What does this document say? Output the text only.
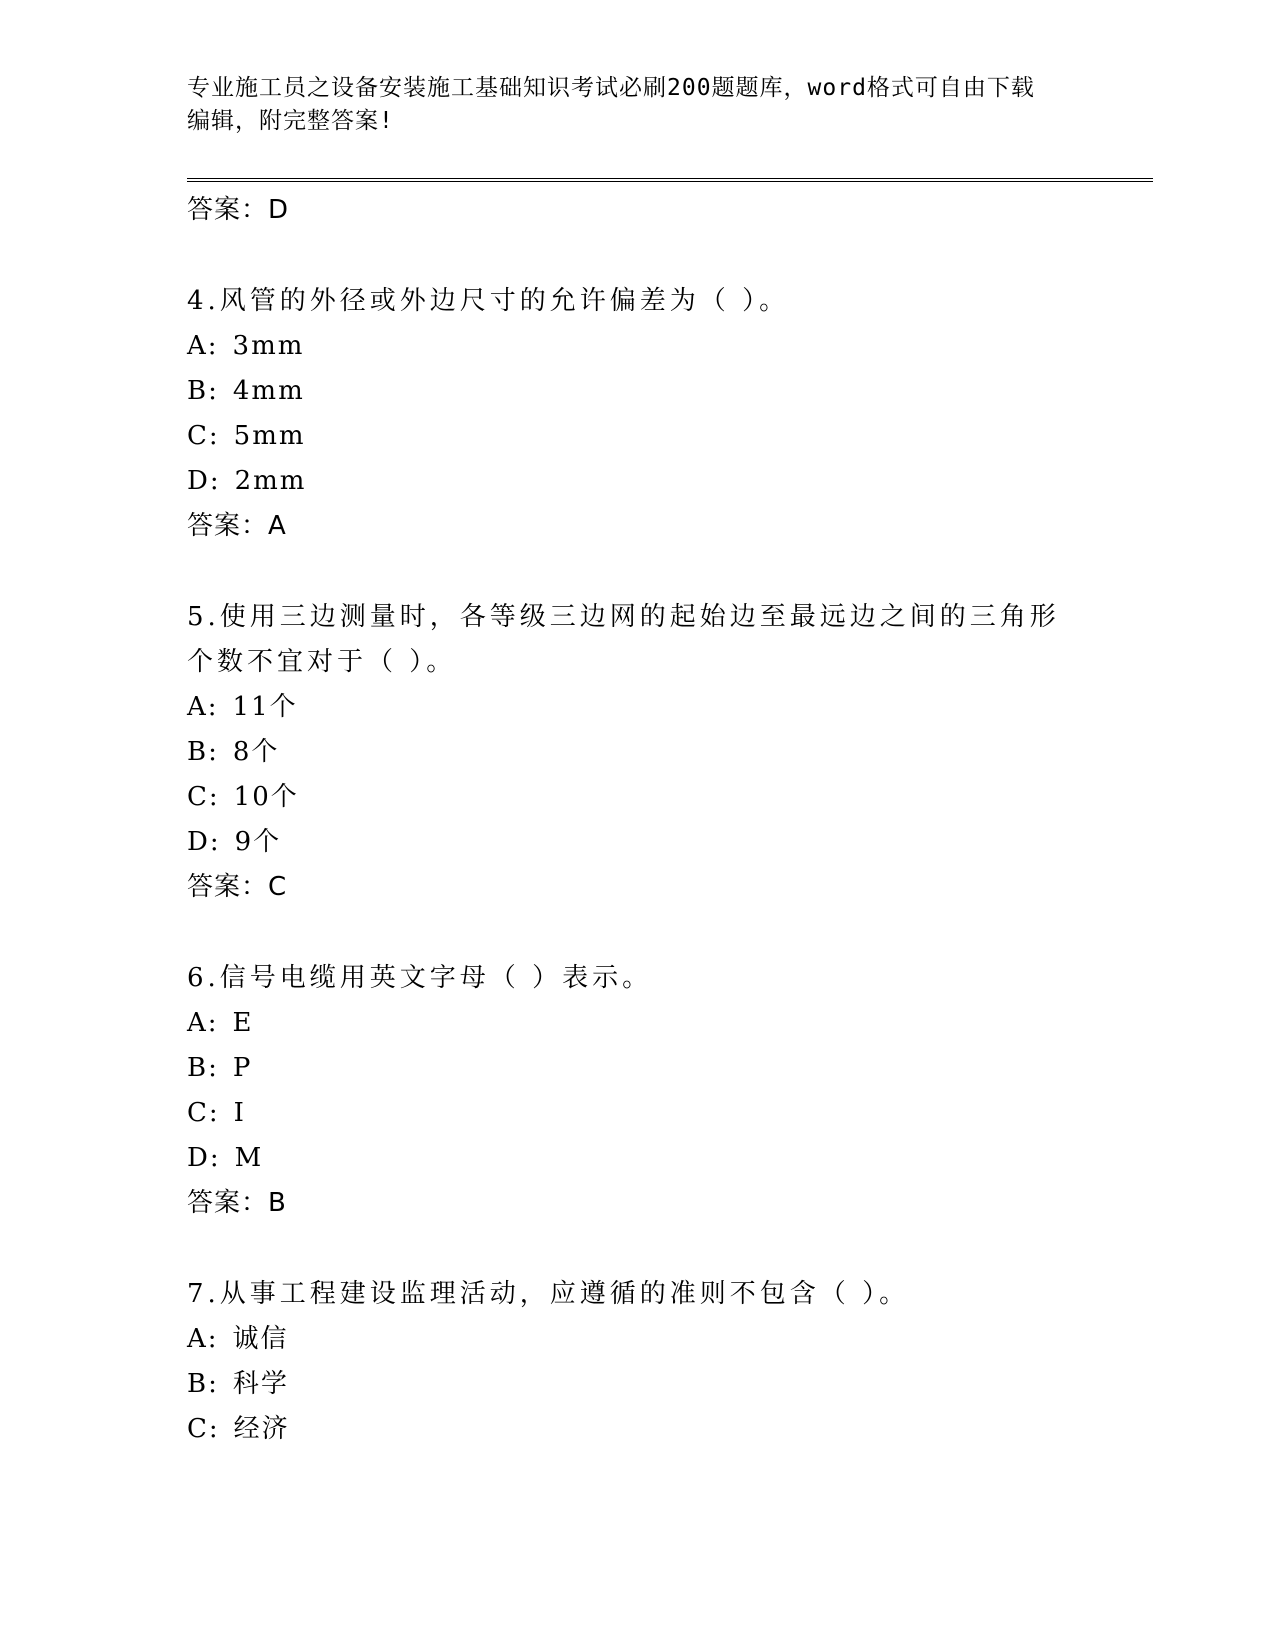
专业施工员之设备安装施工基础知识考试必刷200题题库，word格式可自由下载
编辑，附完整答案!
答案：D
4.风管的外径或外边尺寸的允许偏差为（ ）。
A: 3mm
B: 4mm
C: 5mm
D: 2mm
答案：A
5.使用三边测量时，各等级三边网的起始边至最远边之间的三角形个数不宜对于（ ）。
A: 11个
B: 8个
C: 10个
D: 9个
答案：C
6.信号电缆用英文字母（ ）表示。
A: E
B: P
C: I
D: M
答案：B
7.从事工程建设监理活动，应遵循的准则不包含（ ）。
A: 诚信
B: 科学
C: 经济
